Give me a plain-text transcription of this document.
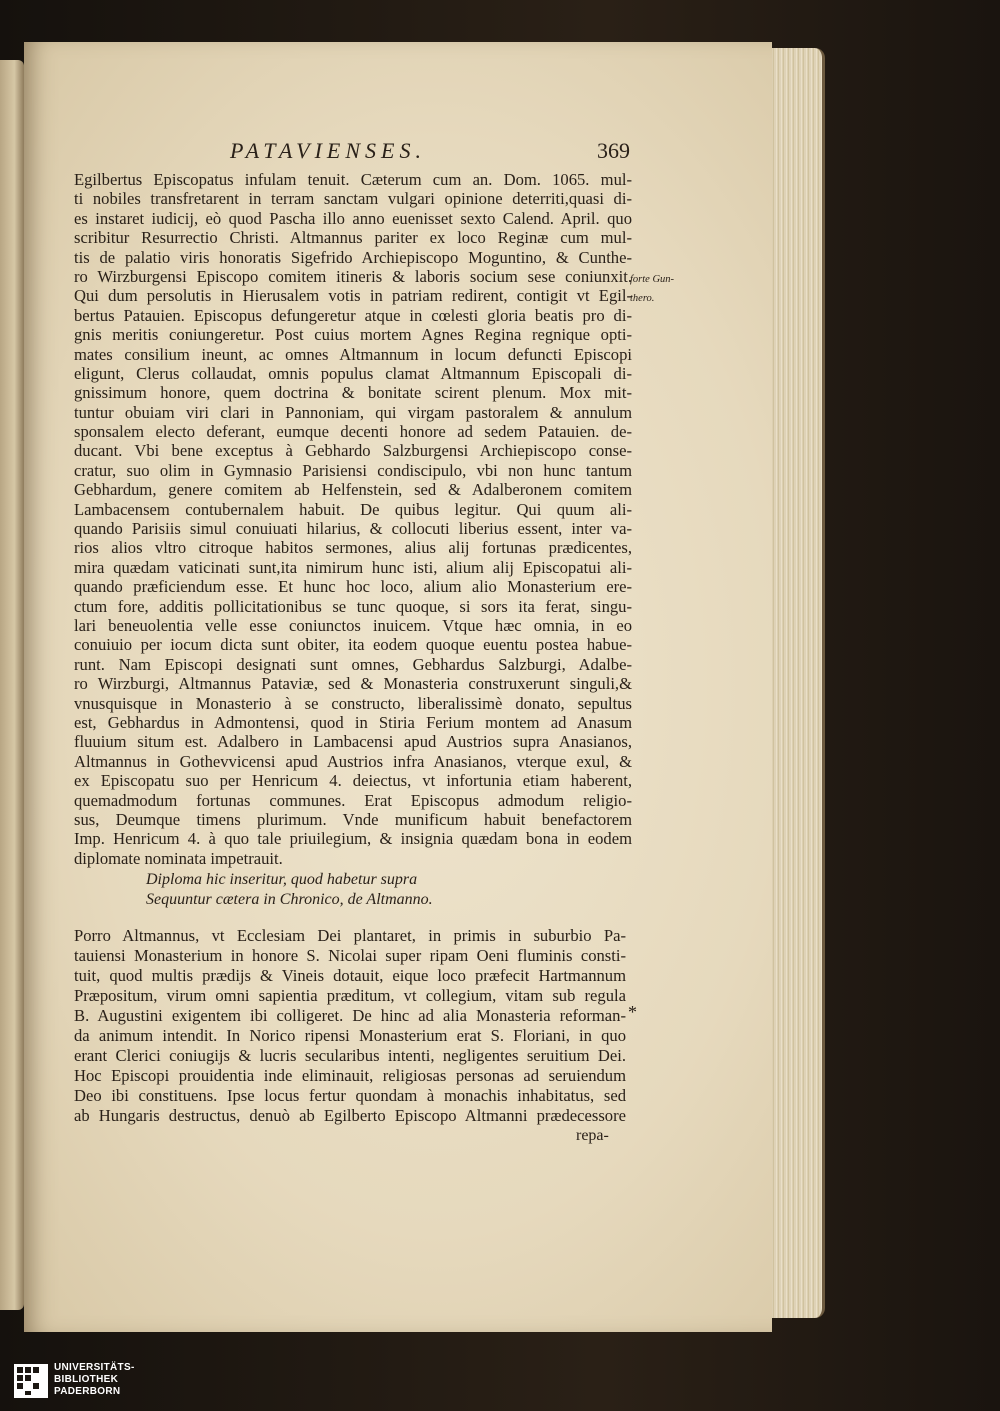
PATAVIENSES.	369
forte Gun-
thero.
Egilbertus Episcopatus infulam tenuit. Cæterum cum an. Dom. 1065. mul-
ti nobiles transfretarent in terram sanctam vulgari opinione deterriti,quasi di-
es instaret iudicij, eò quod Pascha illo anno euenisset sexto Calend. April. quo
scribitur Resurrectio Christi. Altmannus pariter ex loco Reginæ cum mul-
tis de palatio viris honoratis Sigefrido Archiepiscopo Moguntino, & Cunthe-
ro Wirzburgensi Episcopo comitem itineris & laboris socium sese coniunxit.
Qui dum persolutis in Hierusalem votis in patriam redirent, contigit vt Egil-
bertus Patauien. Episcopus defungeretur atque in cœlesti gloria beatis pro di-
gnis meritis coniungeretur. Post cuius mortem Agnes Regina regnique opti-
mates consilium ineunt, ac omnes Altmannum in locum defuncti Episcopi
eligunt, Clerus collaudat, omnis populus clamat Altmannum Episcopali di-
gnissimum honore, quem doctrina & bonitate scirent plenum. Mox mit-
tuntur obuiam viri clari in Pannoniam, qui virgam pastoralem & annulum
sponsalem electo deferant, eumque decenti honore ad sedem Patauien. de-
ducant. Vbi bene exceptus à Gebhardo Salzburgensi Archiepiscopo conse-
cratur, suo olim in Gymnasio Parisiensi condiscipulo, vbi non hunc tantum
Gebhardum, genere comitem ab Helfenstein, sed & Adalberonem comitem
Lambacensem contubernalem habuit. De quibus legitur. Qui quum ali-
quando Parisiis simul conuiuati hilarius, & collocuti liberius essent, inter va-
rios alios vltro citroque habitos sermones, alius alij fortunas prædicentes,
mira quædam vaticinati sunt,ita nimirum hunc isti, alium alij Episcopatui ali-
quando præficiendum esse. Et hunc hoc loco, alium alio Monasterium ere-
ctum fore, additis pollicitationibus se tunc quoque, si sors ita ferat, singu-
lari beneuolentia velle esse coniunctos inuicem. Vtque hæc omnia, in eo
conuiuio per iocum dicta sunt obiter, ita eodem quoque euentu postea habue-
runt. Nam Episcopi designati sunt omnes, Gebhardus Salzburgi, Adalbe-
ro Wirzburgi, Altmannus Pataviæ, sed & Monasteria construxerunt singuli,&
vnusquisque in Monasterio à se constructo, liberalissimè donato, sepultus
est, Gebhardus in Admontensi, quod in Stiria Ferium montem ad Anasum
fluuium situm est. Adalbero in Lambacensi apud Austrios supra Anasianos,
Altmannus in Gothevvicensi apud Austrios infra Anasianos, vterque exul, &
ex Episcopatu suo per Henricum 4. deiectus, vt infortunia etiam haberent,
quemadmodum fortunas communes. Erat Episcopus admodum religio-
sus, Deumque timens plurimum. Vnde munificum habuit benefactorem
Imp. Henricum 4. à quo tale priuilegium, & insignia quædam bona in eodem
diplomate nominata impetrauit.
Diploma hic inseritur, quod habetur supra
Sequuntur cætera in Chronico, de Altmanno.
Porro Altmannus, vt Ecclesiam Dei plantaret, in primis in suburbio Pa-
tauiensi Monasterium in honore S. Nicolai super ripam Oeni fluminis consti-
tuit, quod multis prædijs & Vineis dotauit, eique loco præfecit Hartmannum
Præpositum, virum omni sapientia præditum, vt collegium, vitam sub regula
B. Augustini exigentem ibi colligeret. De hinc ad alia Monasteria reforman-
da animum intendit. In Norico ripensi Monasterium erat S. Floriani, in quo
erant Clerici coniugijs & lucris secularibus intenti, negligentes seruitium Dei.
Hoc Episcopi prouidentia inde eliminauit, religiosas personas ad seruiendum
Deo ibi constituens. Ipse locus fertur quondam à monachis inhabitatus, sed
ab Hungaris destructus, denuò ab Egilberto Episcopo Altmanni prædecessore
*
repa-
UNIVERSITÄTS-
BIBLIOTHEK
PADERBORN
